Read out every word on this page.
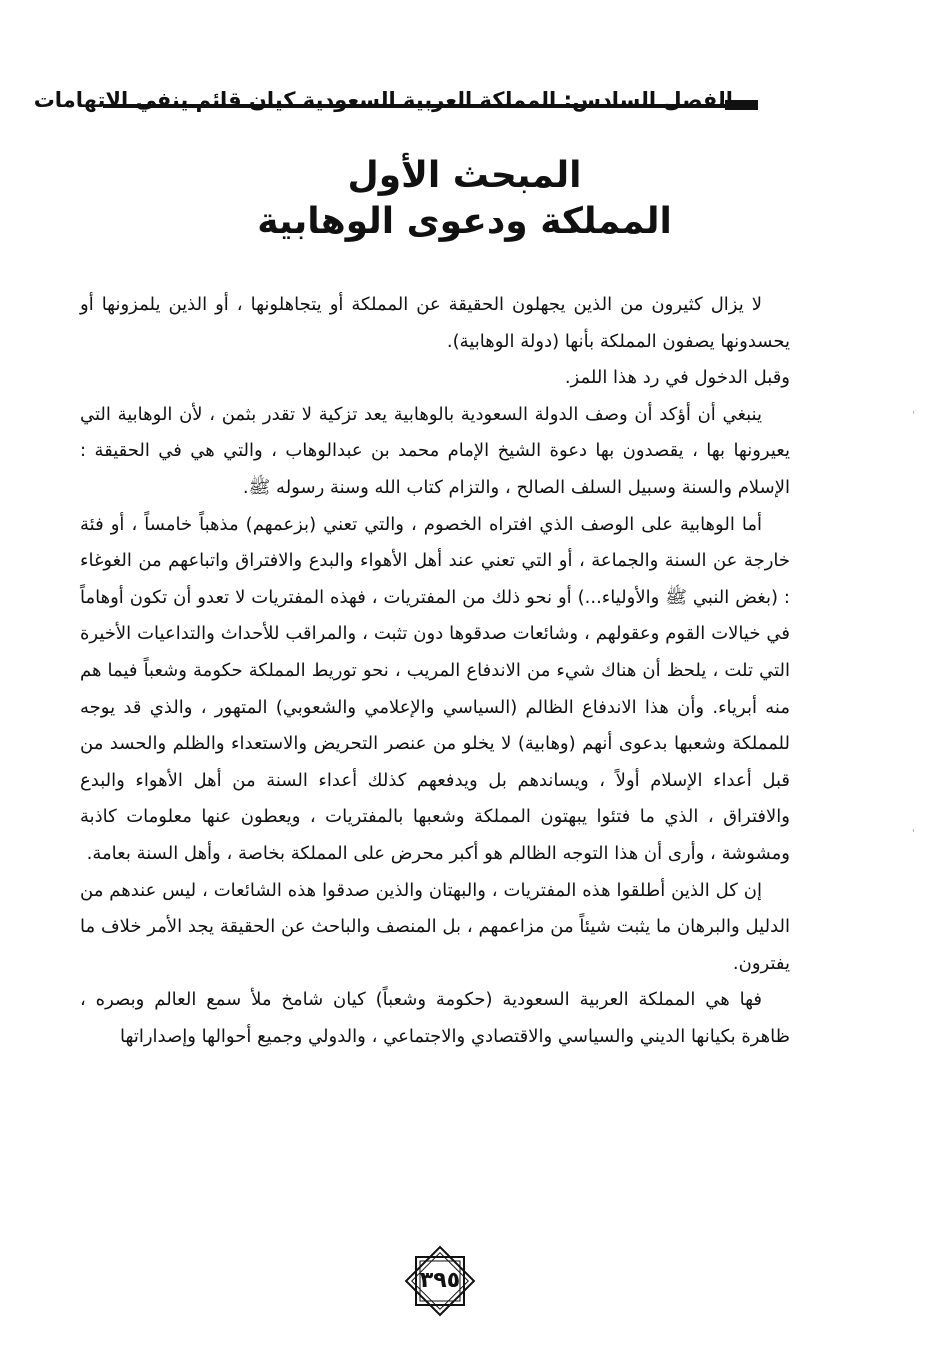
الفصل السادس: المملكة العربية السعودية كيان قائم ينفي الاتهامات

المبحث الأول

المملكة ودعوى الوهابية

لا يزال كثيرون من الذين يجهلون الحقيقة عن المملكة أو يتجاهلونها ، أو الذين يلمزونها أو يحسدونها يصفون المملكة بأنها (دولة الوهابية).

وقبل الدخول في رد هذا اللمز.

ينبغي أن أؤكد أن وصف الدولة السعودية بالوهابية يعد تزكية لا تقدر بثمن ، لأن الوهابية التي يعيرونها بها ، يقصدون بها دعوة الشيخ الإمام محمد بن عبدالوهاب ، والتي هي في الحقيقة : الإسلام والسنة وسبيل السلف الصالح ، والتزام كتاب الله وسنة رسوله ﷺ.

أما الوهابية على الوصف الذي افتراه الخصوم ، والتي تعني (بزعمهم) مذهباً خامساً ، أو فئة خارجة عن السنة والجماعة ، أو التي تعني عند أهل الأهواء والبدع والافتراق واتباعهم من الغوغاء : (بغض النبي ﷺ والأولياء...) أو نحو ذلك من المفتريات ، فهذه المفتريات لا تعدو أن تكون أوهاماً في خيالات القوم وعقولهم ، وشائعات صدقوها دون تثبت ، والمراقب للأحداث والتداعيات الأخيرة التي تلت ، يلحظ أن هناك شيء من الاندفاع المريب ، نحو توريط المملكة حكومة وشعباً فيما هم منه أبرياء. وأن هذا الاندفاع الظالم (السياسي والإعلامي والشعوبي) المتهور ، والذي قد يوجه للمملكة وشعبها بدعوى أنهم (وهابية) لا يخلو من عنصر التحريض والاستعداء والظلم والحسد من قبل أعداء الإسلام أولاً ، ويساندهم بل ويدفعهم كذلك أعداء السنة من أهل الأهواء والبدع والافتراق ، الذي ما فتئوا يبهتون المملكة وشعبها بالمفتريات ، ويعطون عنها معلومات كاذبة ومشوشة ، وأرى أن هذا التوجه الظالم هو أكبر محرض على المملكة بخاصة ، وأهل السنة بعامة.

إن كل الذين أطلقوا هذه المفتريات ، والبهتان والذين صدقوا هذه الشائعات ، ليس عندهم من الدليل والبرهان ما يثبت شيئاً من مزاعمهم ، بل المنصف والباحث عن الحقيقة يجد الأمر خلاف ما يفترون.

فها هي المملكة العربية السعودية (حكومة وشعباً) كيان شامخ ملأ سمع العالم وبصره ، ظاهرة بكيانها الديني والسياسي والاقتصادي والاجتماعي ، والدولي وجميع أحوالها وإصداراتها

٣٩٥
'
'
